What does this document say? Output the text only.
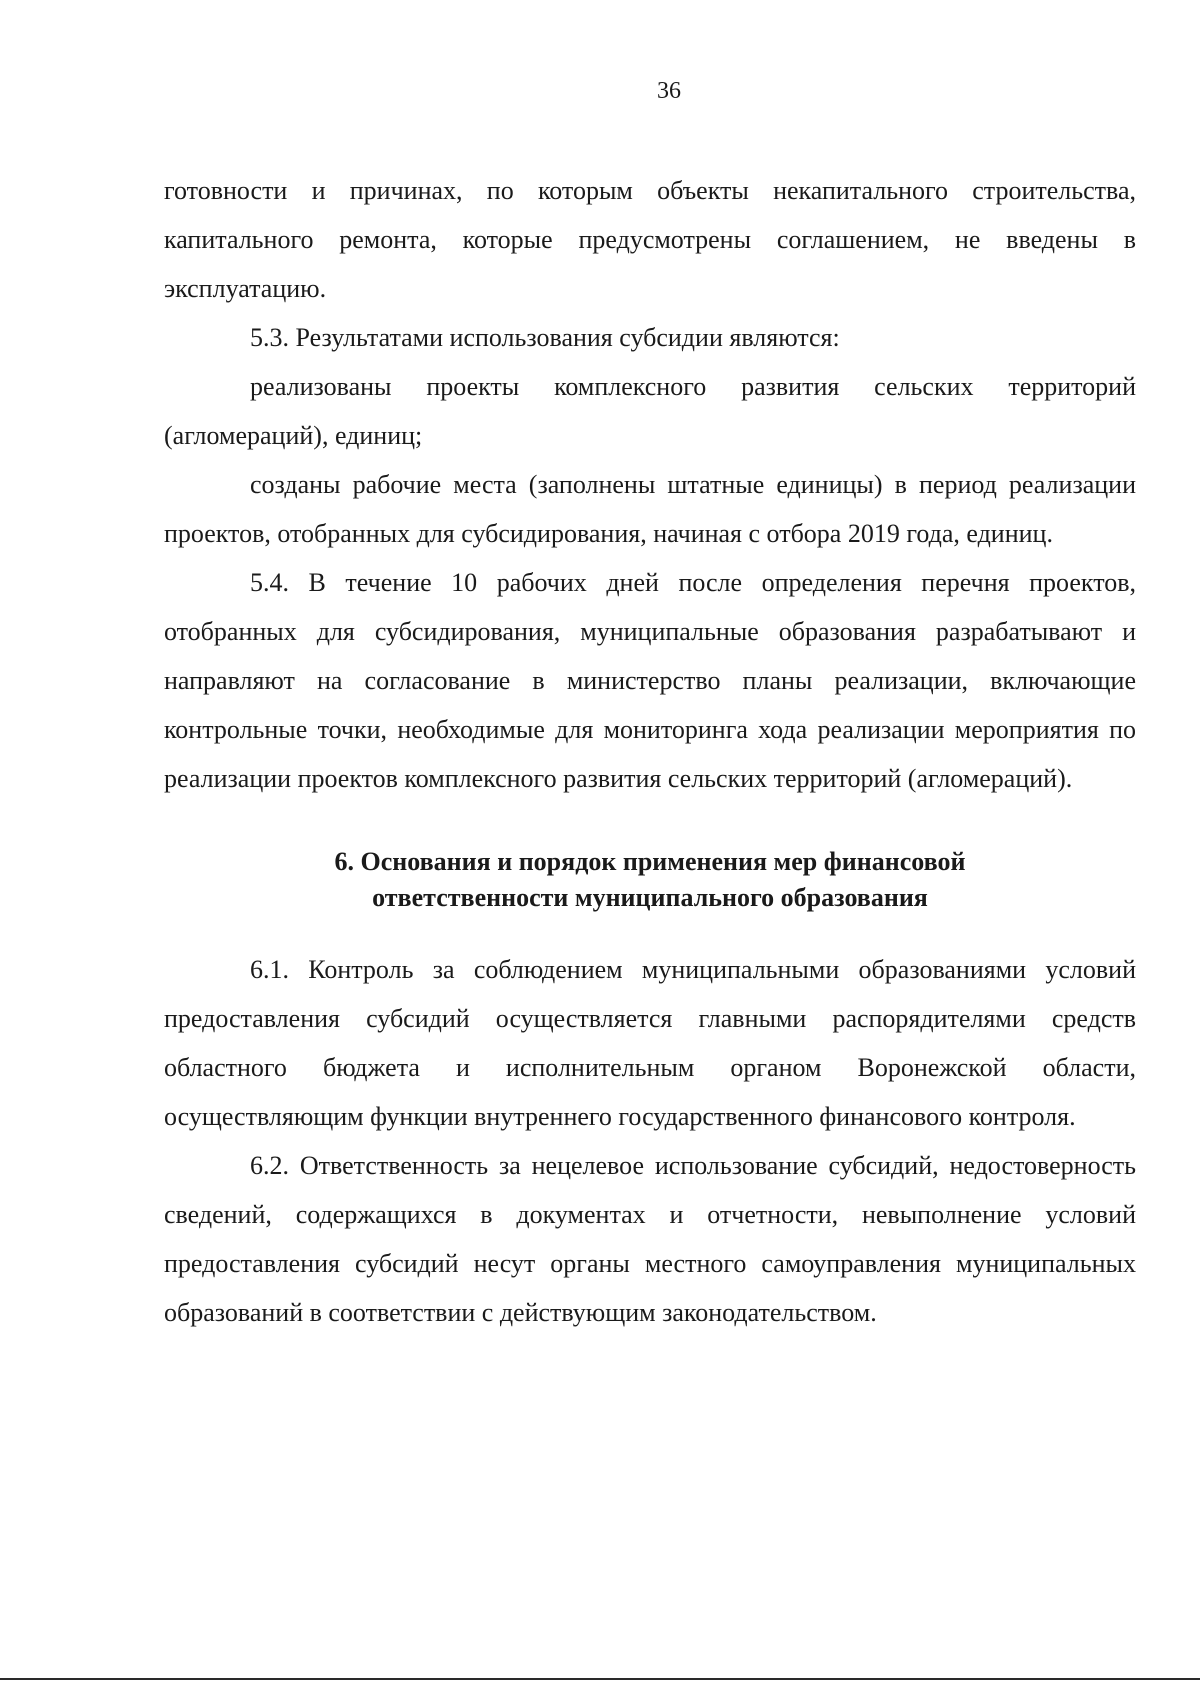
36

готовности и причинах, по которым объекты некапитального строительства, капитального ремонта, которые предусмотрены соглашением, не введены в эксплуатацию.

5.3. Результатами использования субсидии являются:

реализованы проекты комплексного развития сельских территорий (агломераций), единиц;

созданы рабочие места (заполнены штатные единицы) в период реализации проектов, отобранных для субсидирования, начиная с отбора 2019 года, единиц.

5.4. В течение 10 рабочих дней после определения перечня проектов, отобранных для субсидирования, муниципальные образования разрабатывают и направляют на согласование в министерство планы реализации, включающие контрольные точки, необходимые для мониторинга хода реализации мероприятия по реализации проектов комплексного развития сельских территорий (агломераций).

6. Основания и порядок применения мер финансовой
ответственности муниципального образования

6.1. Контроль за соблюдением муниципальными образованиями условий предоставления субсидий осуществляется главными распорядителями средств областного бюджета и исполнительным органом Воронежской области, осуществляющим функции внутреннего государственного финансового контроля.

6.2. Ответственность за нецелевое использование субсидий, недостоверность сведений, содержащихся в документах и отчетности, невыполнение условий предоставления субсидий несут органы местного самоуправления муниципальных образований в соответствии с действующим законодательством.
